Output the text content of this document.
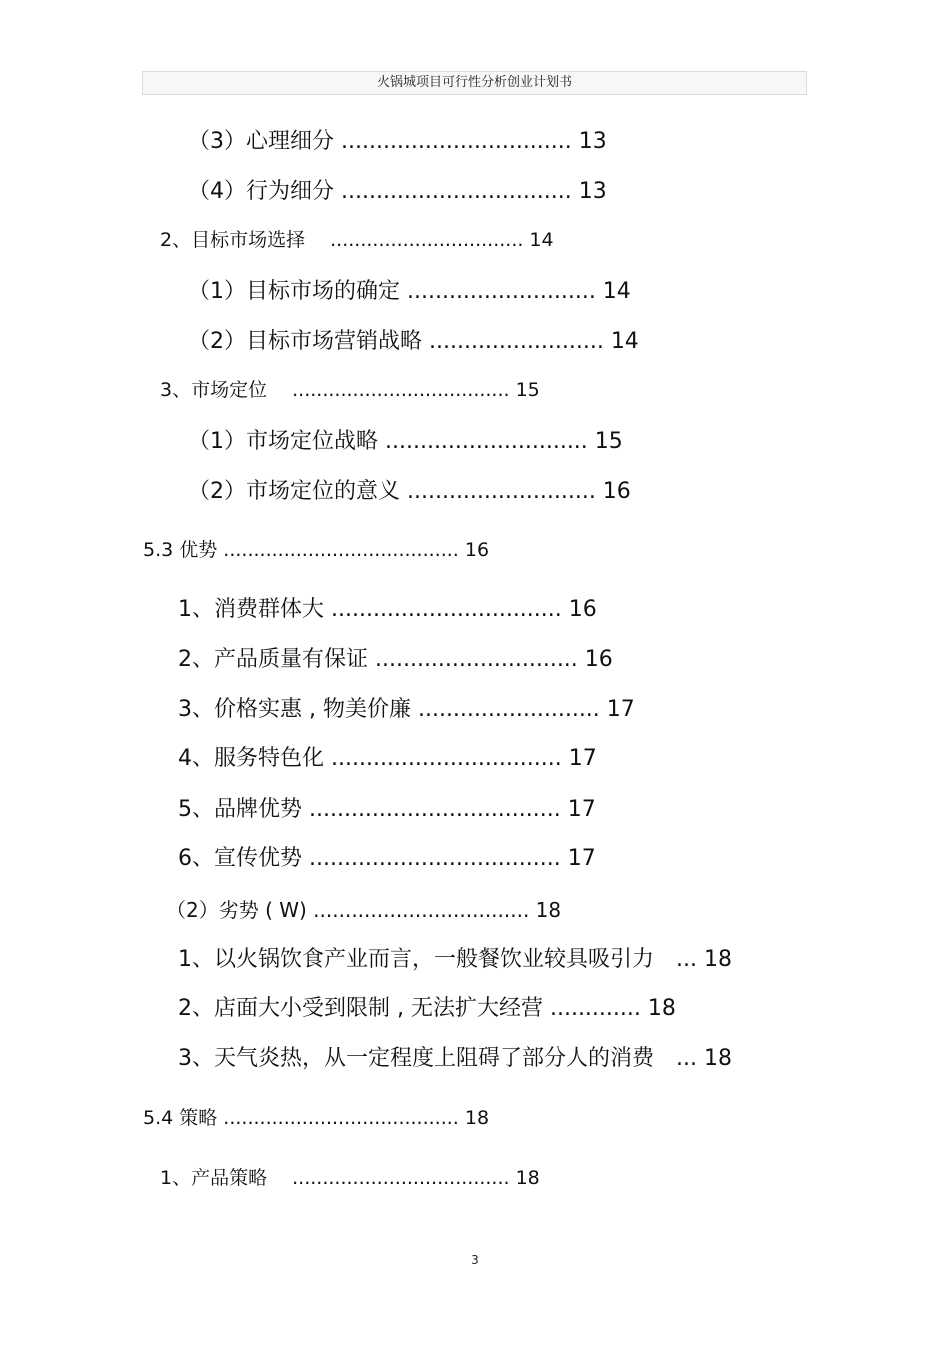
火锅城项目可行性分析创业计划书
（3）心理细分 ................................. 13
（4）行为细分 ................................. 13
2、目标市场选择　 ................................ 14
（1）目标市场的确定 ........................... 14
（2）目标市场营销战略 ......................... 14
3、市场定位　 .................................... 15
（1）市场定位战略 ............................. 15
（2）市场定位的意义 ........................... 16
5.3 优势 ....................................... 16
1、消费群体大 ................................. 16
2、产品质量有保证 ............................. 16
3、价格实惠 , 物美价廉 .......................... 17
4、服务特色化 ................................. 17
5、品牌优势 .................................... 17
6、宣传优势 .................................... 17
（2）劣势 ( W) .................................. 18
1、以火锅饮食产业而言，一般餐饮业较具吸引力　... 18
2、店面大小受到限制 , 无法扩大经营 ............. 18
3、天气炎热，从一定程度上阻碍了部分人的消费　... 18
5.4 策略 ....................................... 18
1、产品策略　 .................................... 18
3
